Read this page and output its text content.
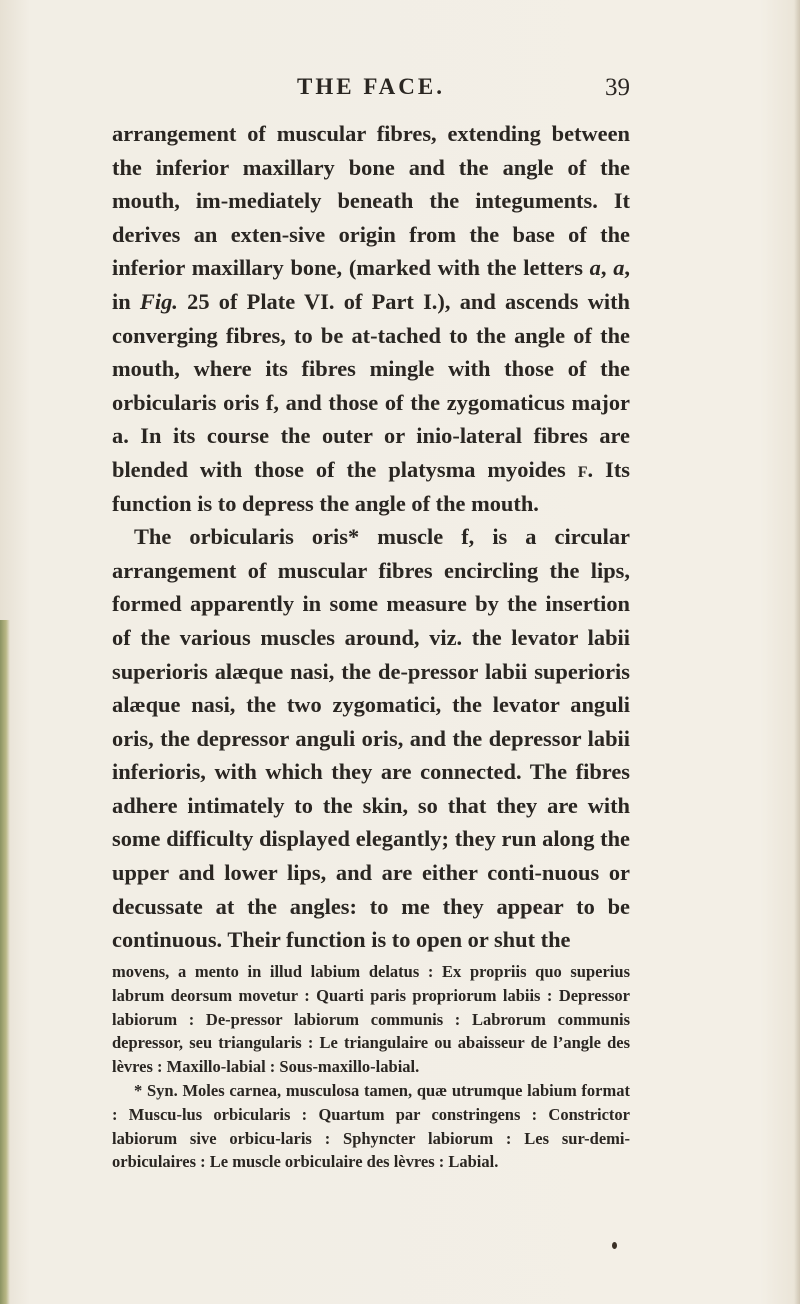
THE FACE.	39

arrangement of muscular fibres, extending between the inferior maxillary bone and the angle of the mouth, im-mediately beneath the integuments. It derives an exten-sive origin from the base of the inferior maxillary bone, (marked with the letters a, a, in Fig. 25 of Plate VI. of Part I.), and ascends with converging fibres, to be at-tached to the angle of the mouth, where its fibres mingle with those of the orbicularis oris f, and those of the zygomaticus major a. In its course the outer or inio-lateral fibres are blended with those of the platysma myoides f. Its function is to depress the angle of the mouth.

The orbicularis oris* muscle f, is a circular arrangement of muscular fibres encircling the lips, formed apparently in some measure by the insertion of the various muscles around, viz. the levator labii superioris alæque nasi, the de-pressor labii superioris alæque nasi, the two zygomatici, the levator anguli oris, the depressor anguli oris, and the depressor labii inferioris, with which they are connected. The fibres adhere intimately to the skin, so that they are with some difficulty displayed elegantly; they run along the upper and lower lips, and are either conti-nuous or decussate at the angles: to me they appear to be continuous. Their function is to open or shut the

movens, a mento in illud labium delatus : Ex propriis quo superius labrum deorsum movetur : Quarti paris propriorum labiis : Depressor labiorum : De-pressor labiorum communis : Labrorum communis depressor, seu triangularis : Le triangulaire ou abaisseur de l’angle des lèvres : Maxillo-labial : Sous-maxillo-labial.

* Syn. Moles carnea, musculosa tamen, quæ utrumque labium format : Muscu-lus orbicularis : Quartum par constringens : Constrictor labiorum sive orbicu-laris : Sphyncter labiorum : Les sur-demi-orbiculaires : Le muscle orbiculaire des lèvres : Labial.
